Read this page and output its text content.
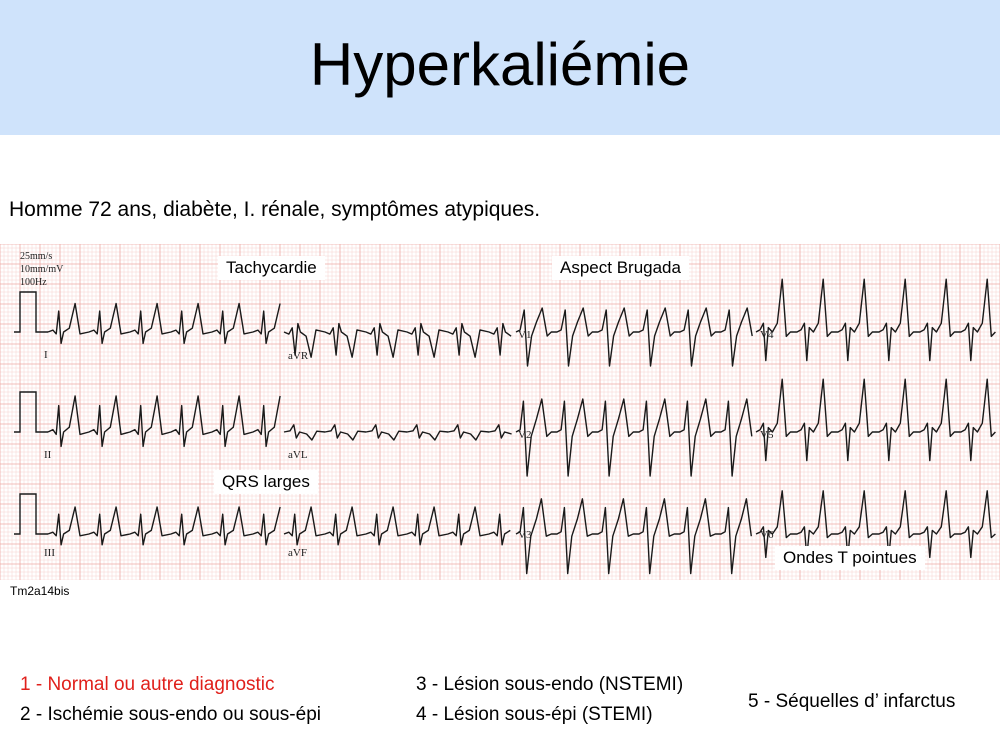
Hyperkaliémie
Homme 72 ans, diabète, I. rénale, symptômes atypiques.
25mm/s
10mm/mV
100Hz
aVR
V1	V4
II	aVL
V2	V5
III	aVF
V3	V6
I
Tachycardie	Aspect Brugada
QRS larges
Ondes T pointues
Tm2a14bis
1 - Normal ou autre diagnostic
2 - Ischémie sous-endo ou sous-épi
3 - Lésion sous-endo (NSTEMI)
4 - Lésion sous-épi (STEMI)
5 - Séquelles d’ infarctus
